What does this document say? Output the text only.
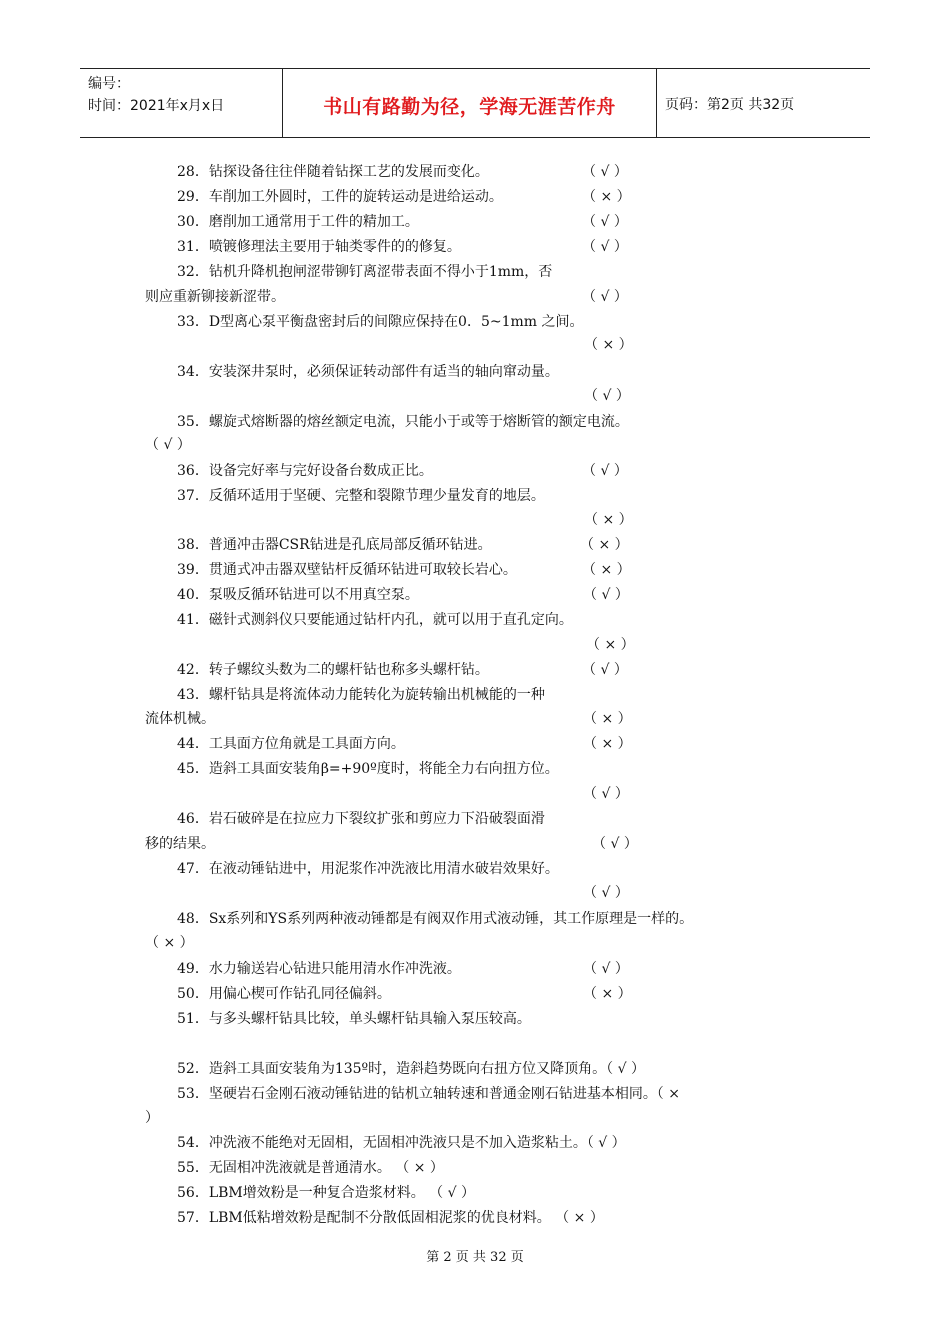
编号：
时间：2021年x月x日	书山有路勤为径，学海无涯苦作舟	页码：第2页 共32页
28．钻探设备往往伴随着钻探工艺的发展而变化。	（ √ ）
29．车削加工外圆时，工件的旋转运动是进给运动。	（ × ）
30．磨削加工通常用于工件的精加工。	（ √ ）
31．喷镀修理法主要用于轴类零件的的修复。	（ √ ）
32．钻机升降机抱闸涩带铆钉离涩带表面不得小于1mm，否
则应重新铆接新涩带。	（ √ ）
33．D型离心泵平衡盘密封后的间隙应保持在0．5~1mm 之间。
（ × ）
34．安装深井泵时，必须保证转动部件有适当的轴向窜动量。
（ √ ）
35．螺旋式熔断器的熔丝额定电流，只能小于或等于熔断管的额定电流。
（ √ ）
36．设备完好率与完好设备台数成正比。	（ √ ）
37．反循环适用于坚硬、完整和裂隙节理少量发育的地层。
（ × ）
38．普通冲击器CSR钻进是孔底局部反循环钻进。	（ × ）
39．贯通式冲击器双壁钻杆反循环钻进可取较长岩心。	（ × ）
40．泵吸反循环钻进可以不用真空泵。	（ √ ）
41．磁针式测斜仪只要能通过钻杆内孔，就可以用于直孔定向。
（ × ）
42．转子螺纹头数为二的螺杆钻也称多头螺杆钻。	（ √ ）
43．螺杆钻具是将流体动力能转化为旋转输出机械能的一种
流体机械。	（ × ）
44．工具面方位角就是工具面方向。	（ × ）
45．造斜工具面安装角β=+90º度时，将能全力右向扭方位。
（ √ ）
46．岩石破碎是在拉应力下裂纹扩张和剪应力下沿破裂面滑
移的结果。	（ √ ）
47．在液动锤钻进中，用泥浆作冲洗液比用清水破岩效果好。
（ √ ）
48．Sx系列和YS系列两种液动锤都是有阀双作用式液动锤，其工作原理是一样的。
（ × ）
49．水力输送岩心钻进只能用清水作冲洗液。	（ √ ）
50．用偏心楔可作钻孔同径偏斜。	（ × ）
51．与多头螺杆钻具比较，单头螺杆钻具输入泵压较高。
52．造斜工具面安装角为135º时，造斜趋势既向右扭方位又降顶角。（ √ ）
53．坚硬岩石金刚石液动锤钻进的钻机立轴转速和普通金刚石钻进基本相同。（ ×
）
54．冲洗液不能绝对无固相，无固相冲洗液只是不加入造浆粘土。（ √ ）
55．无固相冲洗液就是普通清水。 （ × ）
56．LBM增效粉是一种复合造浆材料。 （ √ ）
57．LBM低粘增效粉是配制不分散低固相泥浆的优良材料。 （ × ）
第 2 页 共 32 页
